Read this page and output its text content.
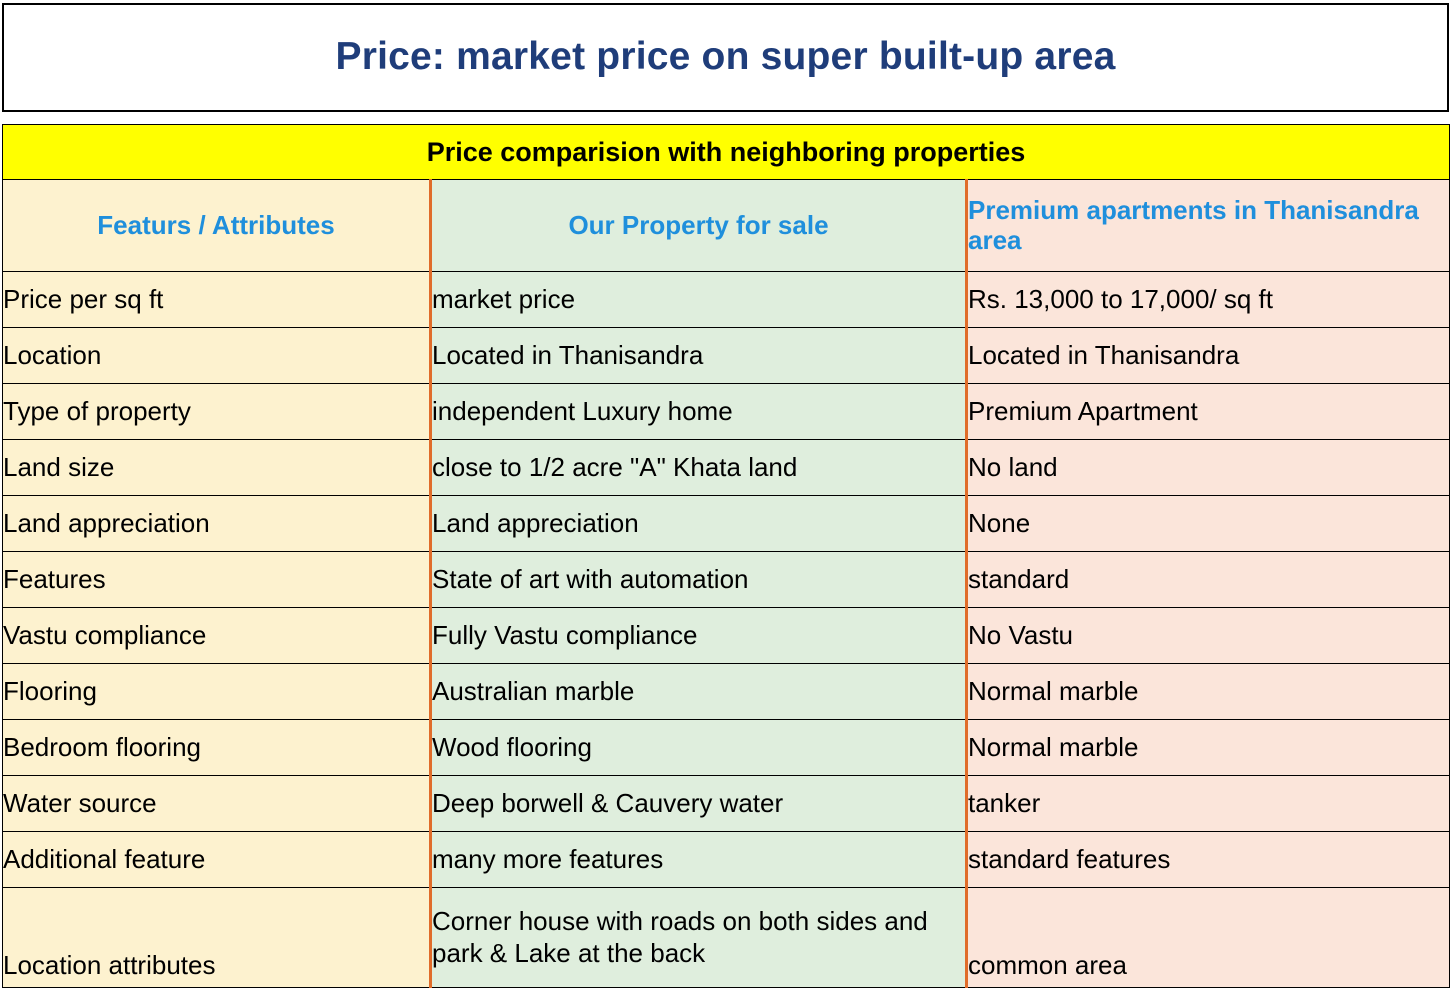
Price: market price on super built-up area
Price comparision with neighboring properties		
Featurs / Attributes	Our Property for sale	Premium apartments in Thanisandra area
Price per sq ft	market price	Rs. 13,000 to 17,000/ sq ft
Location	Located in Thanisandra	Located in Thanisandra
Type of property	independent Luxury home	Premium Apartment
Land size	close to 1/2 acre "A" Khata land	No land
Land appreciation	Land appreciation	None
Features	State of art with automation	standard
Vastu compliance	Fully Vastu compliance	No Vastu
Flooring	Australian marble	Normal marble
Bedroom flooring	Wood flooring	Normal marble
Water source	Deep borwell & Cauvery water	tanker
Additional feature	many more features	standard features
Location attributes	Corner house with roads on both sides and park & Lake at the back	common area
